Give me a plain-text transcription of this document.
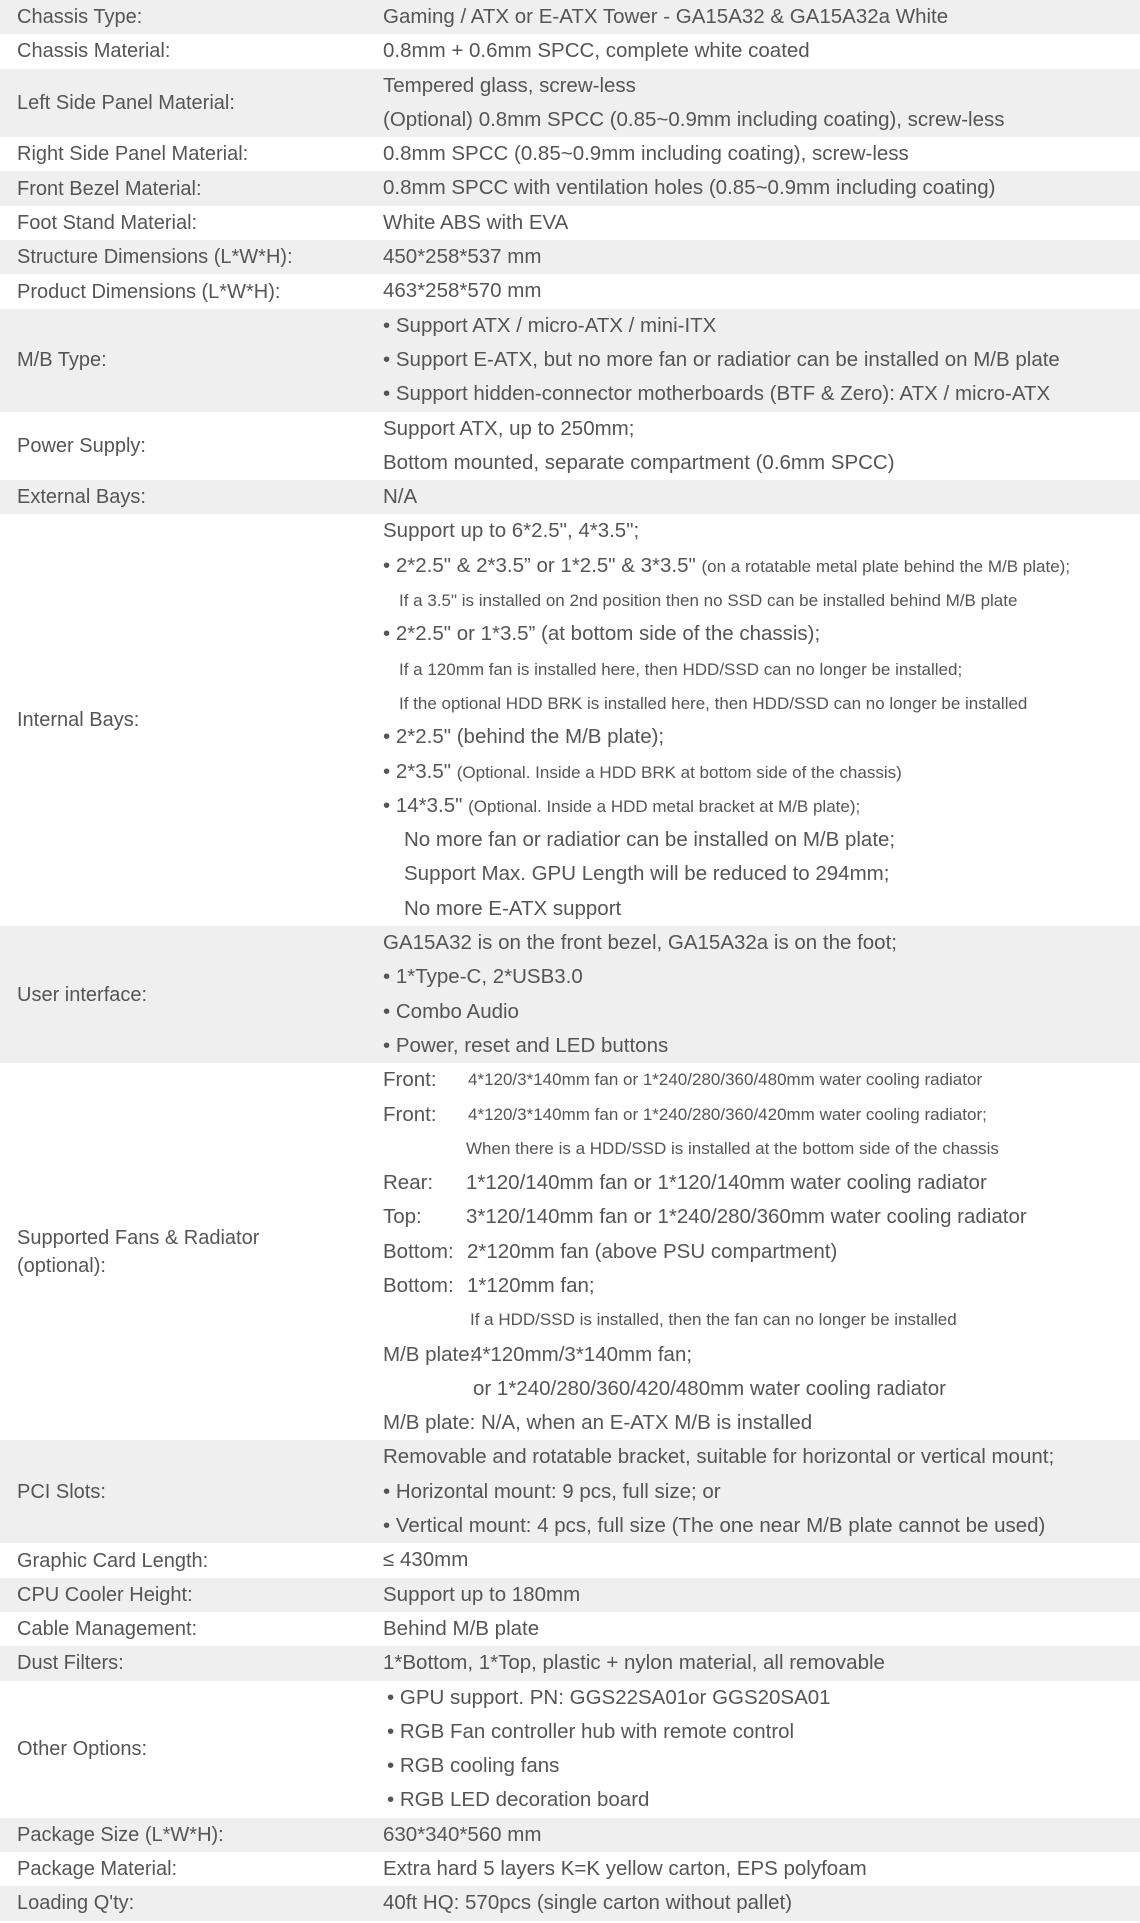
Chassis Type:	Gaming / ATX or E-ATX Tower - GA15A32 & GA15A32a White
Chassis Material:	0.8mm + 0.6mm SPCC, complete white coated
Left Side Panel Material:
Tempered glass, screw-less
(Optional) 0.8mm SPCC (0.85~0.9mm including coating), screw-less
Right Side Panel Material:	0.8mm SPCC (0.85~0.9mm including coating), screw-less
Front Bezel Material:	0.8mm SPCC with ventilation holes (0.85~0.9mm including coating)
Foot Stand Material:	White ABS with EVA
Structure Dimensions (L*W*H):	450*258*537 mm
Product Dimensions (L*W*H):	463*258*570 mm
M/B Type:
• Support ATX / micro-ATX / mini-ITX
• Support E-ATX, but no more fan or radiatior can be installed on M/B plate
• Support hidden-connector motherboards (BTF & Zero): ATX / micro-ATX
Power Supply:
Support ATX, up to 250mm;
Bottom mounted, separate compartment (0.6mm SPCC)
External Bays:	N/A
Internal Bays:
Support up to 6*2.5", 4*3.5";
• 2*2.5" & 2*3.5” or 1*2.5" & 3*3.5" (on a rotatable metal plate behind the M/B plate);
If a 3.5" is installed on 2nd position then no SSD can be installed behind M/B plate
• 2*2.5" or 1*3.5” (at bottom side of the chassis);
If a 120mm fan is installed here, then HDD/SSD can no longer be installed;
If the optional HDD BRK is installed here, then HDD/SSD can no longer be installed
• 2*2.5" (behind the M/B plate);
• 2*3.5" (Optional. Inside a HDD BRK at bottom side of the chassis)
• 14*3.5" (Optional. Inside a HDD metal bracket at M/B plate);
No more fan or radiatior can be installed on M/B plate;
Support Max. GPU Length will be reduced to 294mm;
No more E-ATX support
User interface:
GA15A32 is on the front bezel, GA15A32a is on the foot;
• 1*Type-C, 2*USB3.0
• Combo Audio
• Power, reset and LED buttons
Supported Fans & Radiator
(optional):
Front:	4*120/3*140mm fan or 1*240/280/360/480mm water cooling radiator
Front:	4*120/3*140mm fan or 1*240/280/360/420mm water cooling radiator;
When there is a HDD/SSD is installed at the bottom side of the chassis
Rear:	1*120/140mm fan or 1*120/140mm water cooling radiator
Top:	3*120/140mm fan or 1*240/280/360mm water cooling radiator
Bottom: 2*120mm fan (above PSU compartment)
Bottom: 1*120mm fan;
If a HDD/SSD is installed, then the fan can no longer be installed
M/B plate:
4*120mm/3*140mm fan;
or 1*240/280/360/420/480mm water cooling radiator
M/B plate: N/A, when an E-ATX M/B is installed
PCI Slots:
Removable and rotatable bracket, suitable for horizontal or vertical mount;
• Horizontal mount: 9 pcs, full size; or
• Vertical mount: 4 pcs, full size (The one near M/B plate cannot be used)
Graphic Card Length:	≤ 430mm
CPU Cooler Height:	Support up to 180mm
Cable Management:	Behind M/B plate
Dust Filters:	1*Bottom, 1*Top, plastic + nylon material, all removable
Other Options:
• GPU support. PN: GGS22SA01or GGS20SA01
• RGB Fan controller hub with remote control
• RGB cooling fans
• RGB LED decoration board
Package Size (L*W*H):	630*340*560 mm
Package Material:	Extra hard 5 layers K=K yellow carton, EPS polyfoam
Loading Q'ty:	40ft HQ: 570pcs (single carton without pallet)
